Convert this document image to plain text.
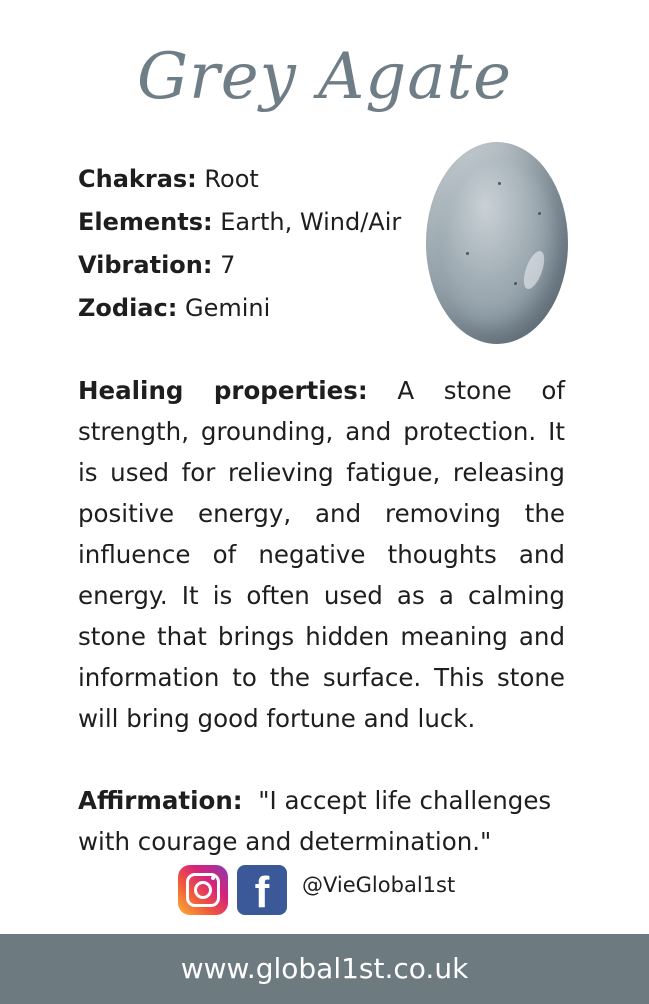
Grey Agate
Chakras: Root
Elements: Earth, Wind/Air
Vibration: 7
Zodiac: Gemini
Healing properties: A stone of strength, grounding, and protection. It is used for relieving fatigue, releasing positive energy, and removing the influence of negative thoughts and energy. It is often used as a calming stone that brings hidden meaning and information to the surface. This stone will bring good fortune and luck.
Affirmation: "I accept life challenges with courage and determination."
f	@VieGlobal1st
www.global1st.co.uk
